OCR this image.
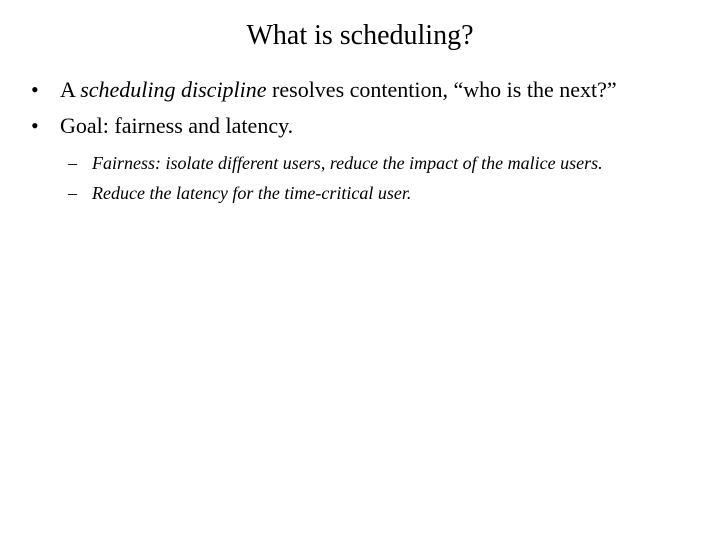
What is scheduling?
• A scheduling discipline resolves contention, “who is the next?”
• Goal: fairness and latency.
– Fairness: isolate different users, reduce the impact of the malice users.
– Reduce the latency for the time-critical user.
